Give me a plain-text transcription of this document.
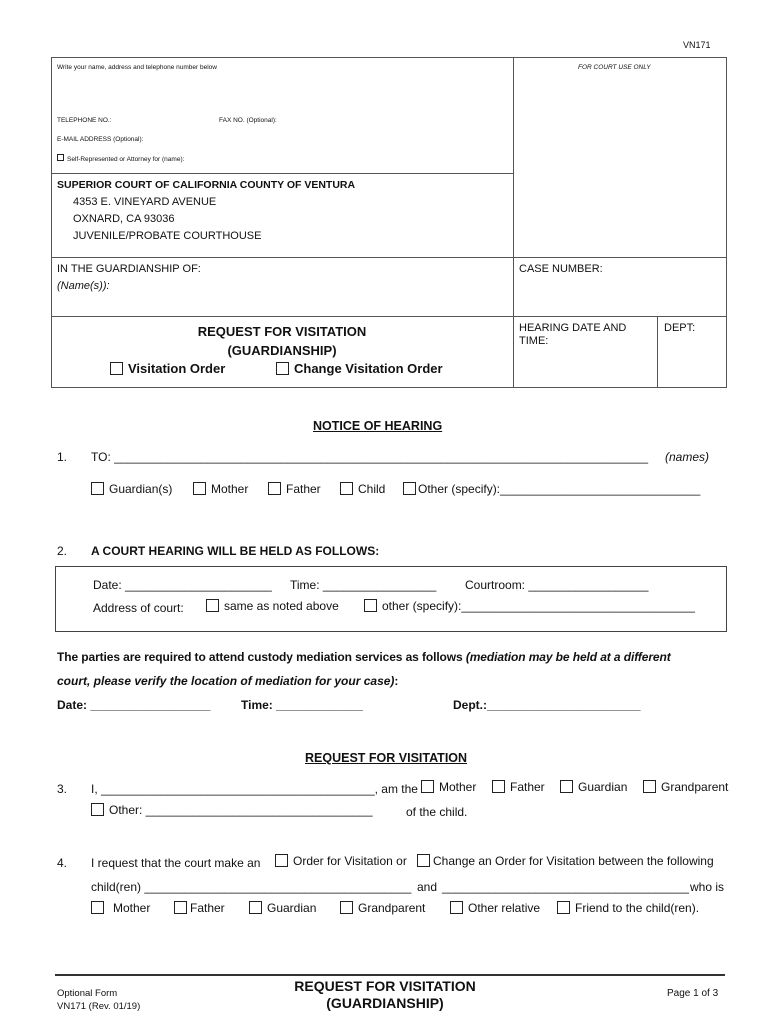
VN171
Write your name, address and telephone number below	FOR COURT USE ONLY
TELEPHONE NO.:	FAX NO. (Optional):
E-MAIL ADDRESS (Optional):
Self-Represented or Attorney for (name):
SUPERIOR COURT OF CALIFORNIA COUNTY OF VENTURA
4353 E. VINEYARD AVENUE
OXNARD, CA 93036
JUVENILE/PROBATE COURTHOUSE
IN THE GUARDIANSHIP OF:
(Name(s)):
CASE NUMBER:
HEARING DATE AND TIME:
DEPT:
REQUEST FOR VISITATION
(GUARDIANSHIP)
Visitation Order	Change Visitation Order
NOTICE OF HEARING
1. TO: ________________________________________________________________________________	(names)
Guardian(s)	Mother	Father	Child	Other (specify):______________________________
2. A COURT HEARING WILL BE HELD AS FOLLOWS:
Date: ______________________ Time: _________________ Courtroom: __________________
Address of court:	same as noted above	other (specify):___________________________________
The parties are required to attend custody mediation services as follows (mediation may be held at a different
court, please verify the location of mediation for your case):
Date: __________________	Time: _____________	Dept.:_______________________
REQUEST FOR VISITATION
3. I, _________________________________________, am the	Mother	Father	Guardian	Grandparent
Other: __________________________________	of the child.
4. I request that the court make an	Order for Visitation or	Change an Order for Visitation between the following
child(ren) ________________________________________ and _____________________________________ who is
Mother	Father	Guardian	Grandparent	Other relative	Friend to the child(ren).
Optional Form
VN171 (Rev. 01/19)
REQUEST FOR VISITATION
(GUARDIANSHIP)
Page 1 of 3
